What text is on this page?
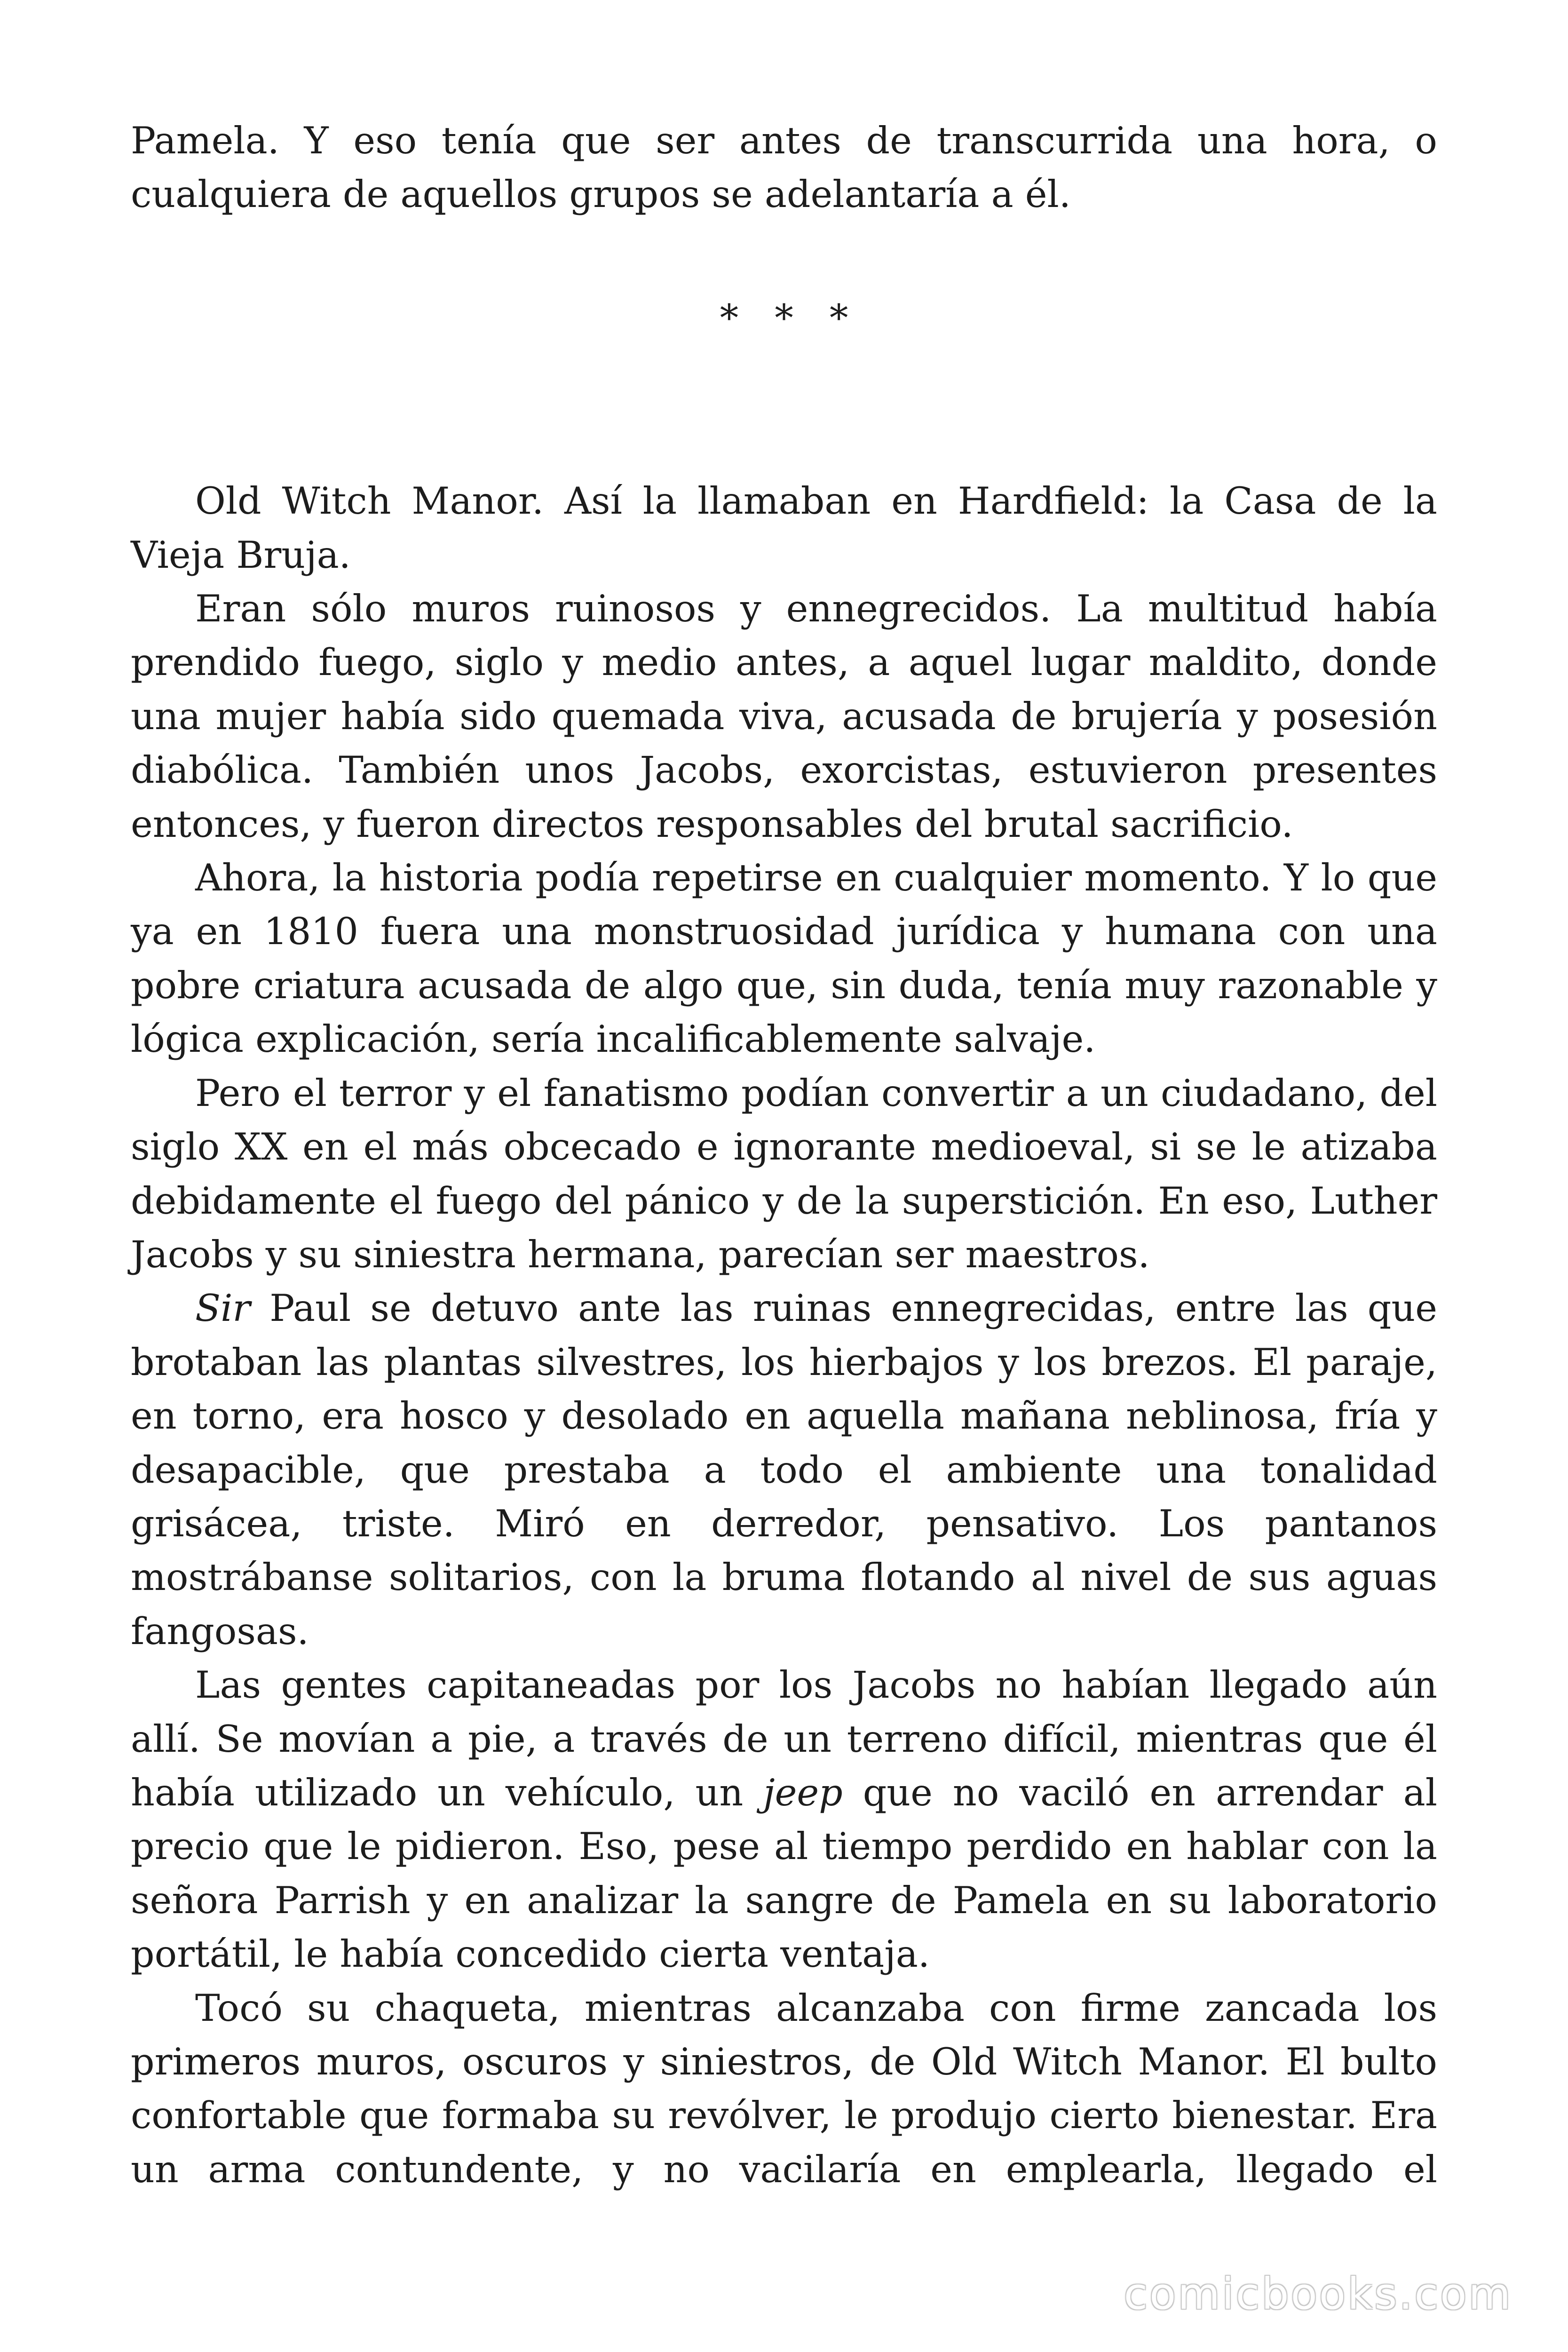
Pamela. Y eso tenía que ser antes de transcurrida una hora, o cualquiera de aquellos grupos se adelantaría a él.

* * *

Old Witch Manor. Así la llamaban en Hardfield: la Casa de la Vieja Bruja.

Eran sólo muros ruinosos y ennegrecidos. La multitud había prendido fuego, siglo y medio antes, a aquel lugar maldito, donde una mujer había sido quemada viva, acusada de brujería y posesión diabólica. También unos Jacobs, exorcistas, estuvieron presentes entonces, y fueron directos responsables del brutal sacrificio.

Ahora, la historia podía repetirse en cualquier momento. Y lo que ya en 1810 fuera una monstruosidad jurídica y humana con una pobre criatura acusada de algo que, sin duda, tenía muy razonable y lógica explicación, sería incalificablemente salvaje.

Pero el terror y el fanatismo podían convertir a un ciudadano, del siglo XX en el más obcecado e ignorante medioeval, si se le atizaba debidamente el fuego del pánico y de la superstición. En eso, Luther Jacobs y su siniestra hermana, parecían ser maestros.

Sir Paul se detuvo ante las ruinas ennegrecidas, entre las que brotaban las plantas silvestres, los hierbajos y los brezos. El paraje, en torno, era hosco y desolado en aquella mañana neblinosa, fría y desapacible, que prestaba a todo el ambiente una tonalidad grisácea, triste. Miró en derredor, pensativo. Los pantanos mostrábanse solitarios, con la bruma flotando al nivel de sus aguas fangosas.

Las gentes capitaneadas por los Jacobs no habían llegado aún allí. Se movían a pie, a través de un terreno difícil, mientras que él había utilizado un vehículo, un jeep que no vaciló en arrendar al precio que le pidieron. Eso, pese al tiempo perdido en hablar con la señora Parrish y en analizar la sangre de Pamela en su laboratorio portátil, le había concedido cierta ventaja.

Tocó su chaqueta, mientras alcanzaba con firme zancada los primeros muros, oscuros y siniestros, de Old Witch Manor. El bulto confortable que formaba su revólver, le produjo cierto bienestar. Era un arma contundente, y no vacilaría en emplearla, llegado el

comicbooks.com
